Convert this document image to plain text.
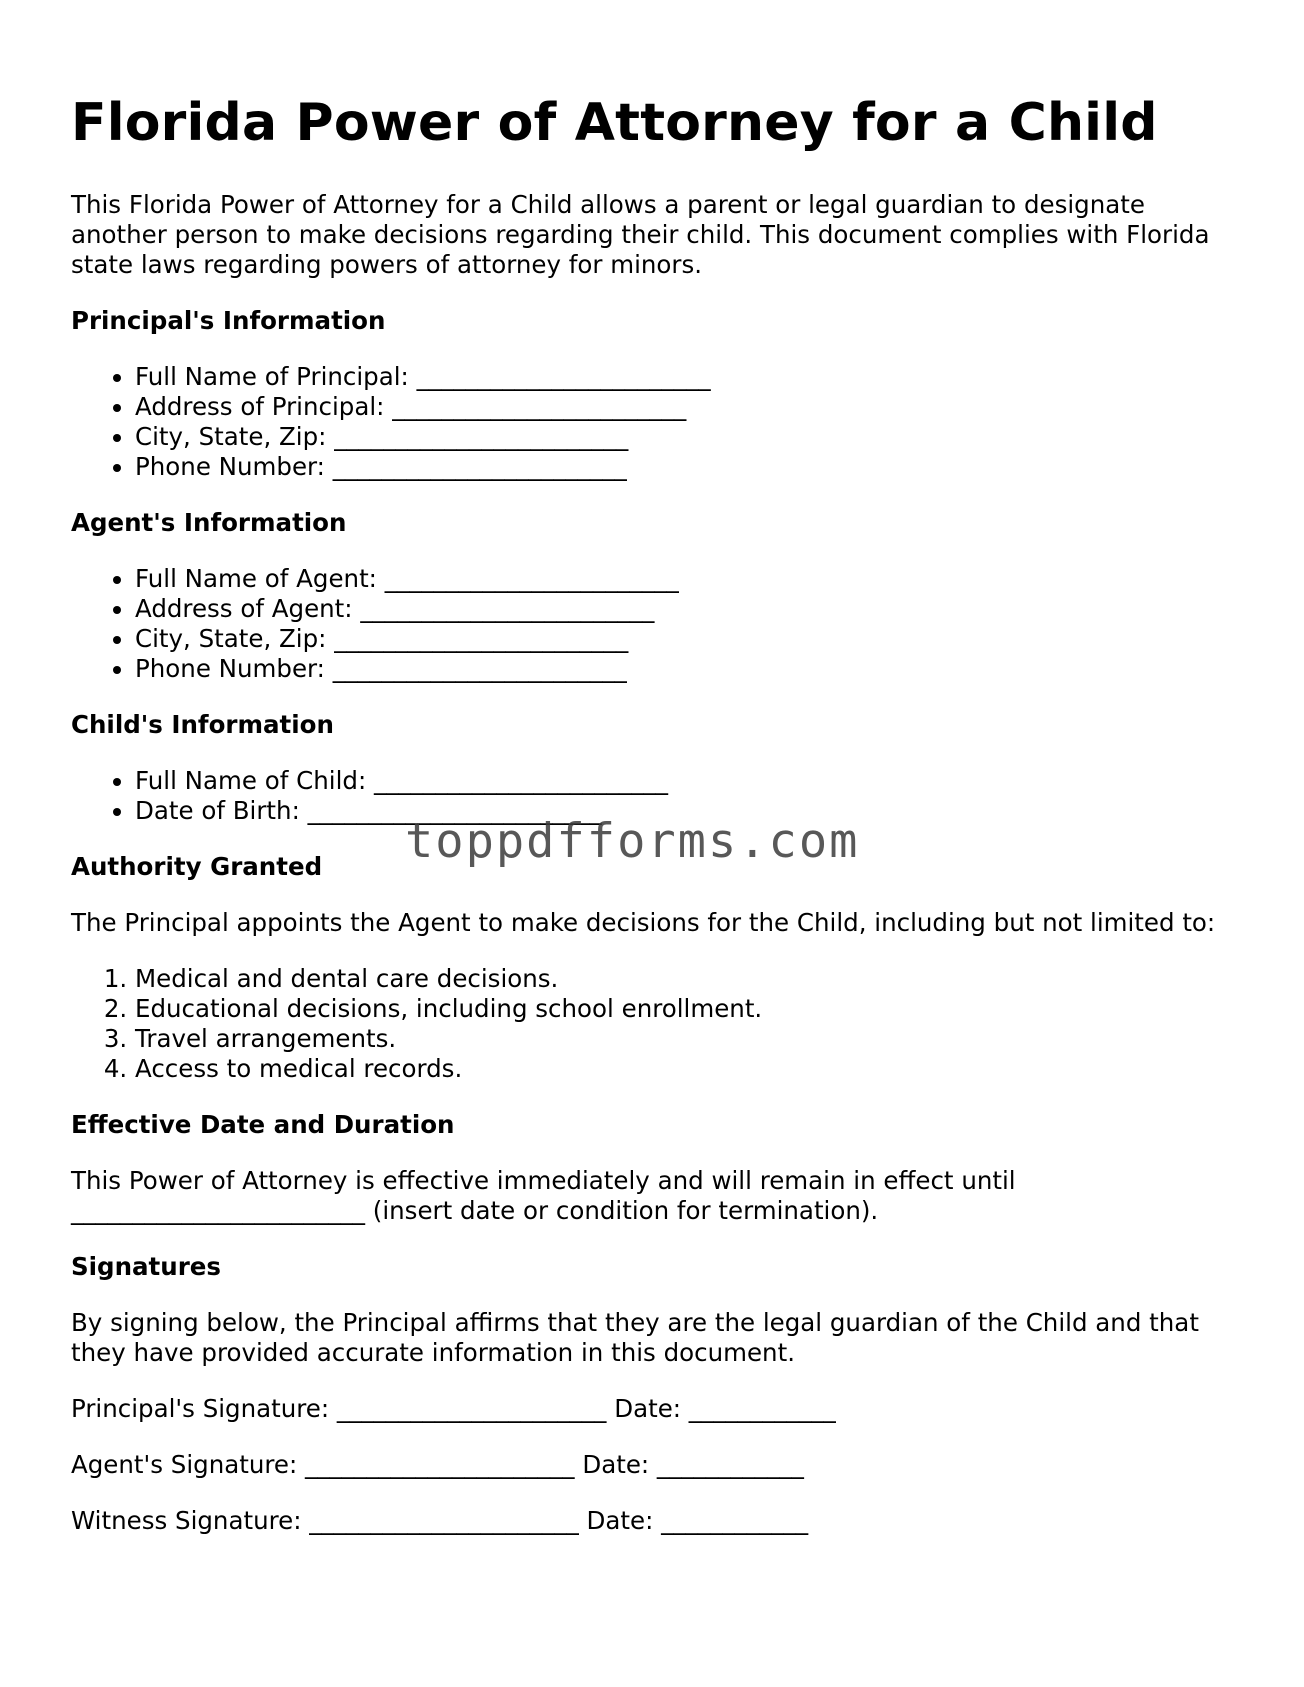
Florida Power of Attorney for a Child

This Florida Power of Attorney for a Child allows a parent or legal guardian to designate another person to make decisions regarding their child. This document complies with Florida state laws regarding powers of attorney for minors.

Principal's Information
• Full Name of Principal: ________________________
• Address of Principal: ________________________
• City, State, Zip: ________________________
• Phone Number: ________________________
Agent's Information
• Full Name of Agent: ________________________
• Address of Agent: ________________________
• City, State, Zip: ________________________
• Phone Number: ________________________
Child's Information
• Full Name of Child: ________________________
• Date of Birth: ________________________
Authority Granted

The Principal appoints the Agent to make decisions for the Child, including but not limited to:

1. Medical and dental care decisions.
2. Educational decisions, including school enrollment.
3. Travel arrangements.
4. Access to medical records.
Effective Date and Duration

This Power of Attorney is effective immediately and will remain in effect until ________________________ (insert date or condition for termination).

Signatures

By signing below, the Principal affirms that they are the legal guardian of the Child and that they have provided accurate information in this document.

Principal's Signature: ______________________ Date: ____________
Agent's Signature: ______________________ Date: ____________
Witness Signature: ______________________ Date: ____________
toppdfforms.com
